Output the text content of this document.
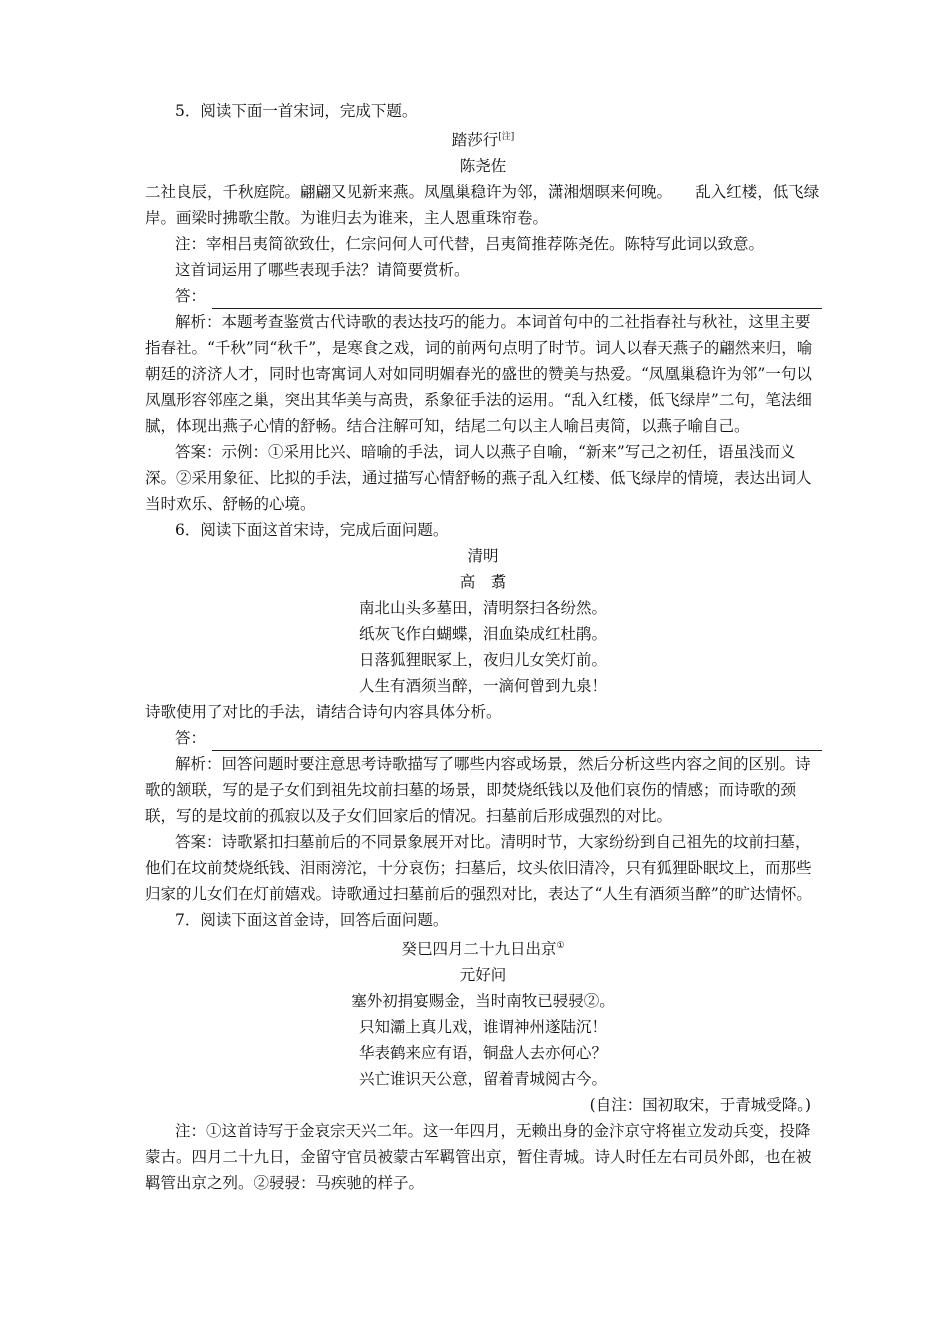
5．阅读下面一首宋词，完成下题。

踏莎行[注]

陈尧佐

二社良辰，千秋庭院。翩翩又见新来燕。凤凰巢稳许为邻，潇湘烟暝来何晚。　　乱入红楼，低飞绿岸。画梁时拂歌尘散。为谁归去为谁来，主人恩重珠帘卷。

注：宰相吕夷简欲致仕，仁宗问何人可代替，吕夷简推荐陈尧佐。陈特写此词以致意。

这首词运用了哪些表现手法？请简要赏析。

答：

解析：本题考查鉴赏古代诗歌的表达技巧的能力。本词首句中的二社指春社与秋社，这里主要指春社。“千秋”同“秋千”，是寒食之戏，词的前两句点明了时节。词人以春天燕子的翩然来归，喻朝廷的济济人才，同时也寄寓词人对如同明媚春光的盛世的赞美与热爱。“凤凰巢稳许为邻”一句以凤凰形容邻座之巢，突出其华美与高贵，系象征手法的运用。“乱入红楼，低飞绿岸”二句，笔法细腻，体现出燕子心情的舒畅。结合注解可知，结尾二句以主人喻吕夷简，以燕子喻自己。

答案：示例：①采用比兴、暗喻的手法，词人以燕子自喻，“新来”写己之初任，语虽浅而义深。②采用象征、比拟的手法，通过描写心情舒畅的燕子乱入红楼、低飞绿岸的情境，表达出词人当时欢乐、舒畅的心境。

6．阅读下面这首宋诗，完成后面问题。

清明

高　翥

南北山头多墓田，清明祭扫各纷然。

纸灰飞作白蝴蝶，泪血染成红杜鹃。

日落狐狸眠冢上，夜归儿女笑灯前。

人生有酒须当醉，一滴何曾到九泉！

诗歌使用了对比的手法，请结合诗句内容具体分析。

答：

解析：回答问题时要注意思考诗歌描写了哪些内容或场景，然后分析这些内容之间的区别。诗歌的颔联，写的是子女们到祖先坟前扫墓的场景，即焚烧纸钱以及他们哀伤的情感；而诗歌的颈联，写的是坟前的孤寂以及子女们回家后的情况。扫墓前后形成强烈的对比。

答案：诗歌紧扣扫墓前后的不同景象展开对比。清明时节，大家纷纷到自己祖先的坟前扫墓，他们在坟前焚烧纸钱、泪雨滂沱，十分哀伤；扫墓后，坟头依旧清冷，只有狐狸卧眠坟上，而那些归家的儿女们在灯前嬉戏。诗歌通过扫墓前后的强烈对比，表达了“人生有酒须当醉”的旷达情怀。

7．阅读下面这首金诗，回答后面问题。

癸巳四月二十九日出京①

元好问

塞外初捐宴赐金，当时南牧已骎骎②。

只知灞上真儿戏，谁谓神州遂陆沉！

华表鹤来应有语，铜盘人去亦何心？

兴亡谁识天公意，留着青城阅古今。

(自注：国初取宋，于青城受降。)

注：①这首诗写于金哀宗天兴二年。这一年四月，无赖出身的金汴京守将崔立发动兵变，投降蒙古。四月二十九日，金留守官员被蒙古军羁管出京，暂住青城。诗人时任左右司员外郎，也在被羁管出京之列。②骎骎：马疾驰的样子。
